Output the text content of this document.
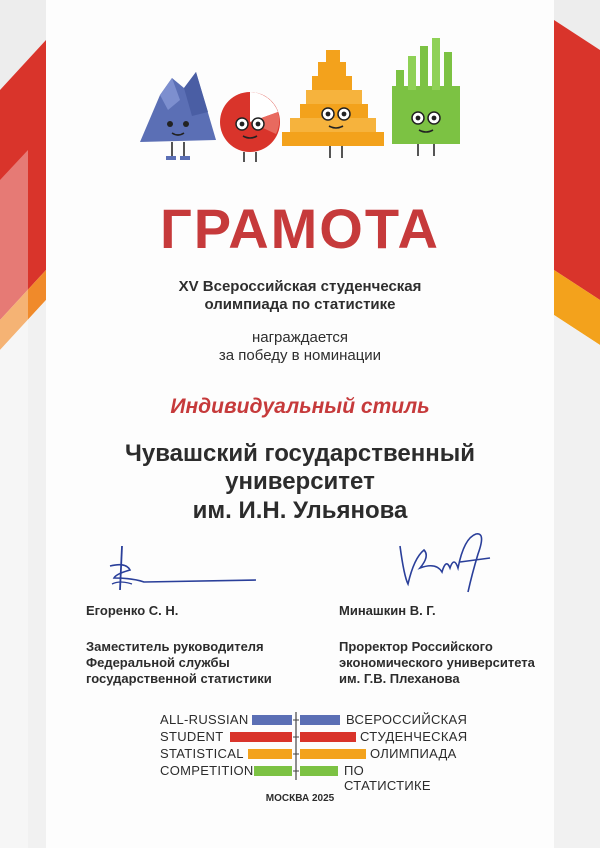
ГРАМОТА
XV Всероссийская студенческая
олимпиада по статистике
награждается
за победу в номинации
Индивидуальный стиль
Чувашский государственный
университет
им. И.Н. Ульянова
Егоренко С. Н.	Минашкин В. Г.
Заместитель руководителя
Федеральной службы
государственной статистики
Проректор Российского
экономического университета
им. Г.В. Плеханова
ALL-RUSSIAN	ВСЕРОССИЙСКАЯ
STUDENT	СТУДЕНЧЕСКАЯ
STATISTICAL	ОЛИМПИАДА
COMPETITION	ПО СТАТИСТИКЕ
МОСКВА 2025
